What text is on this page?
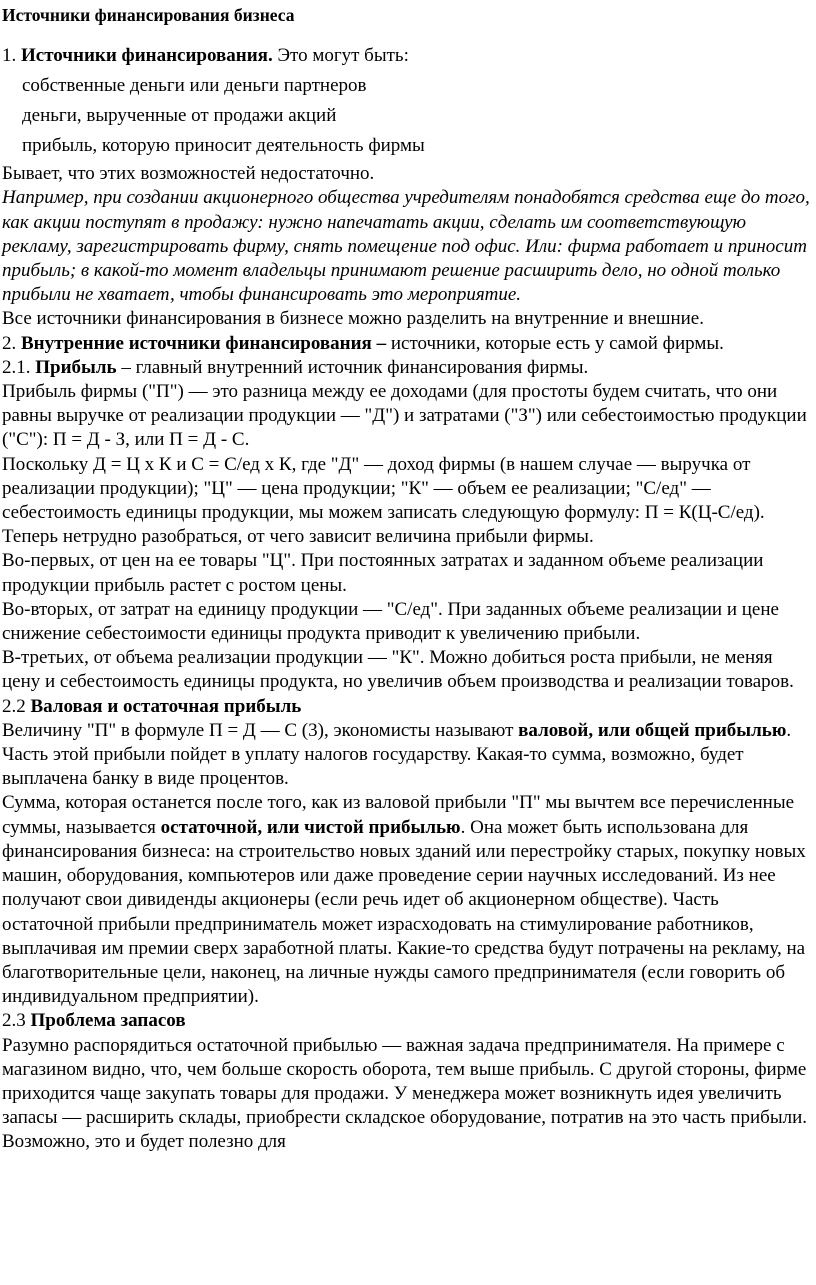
Источники финансирования бизнеса

1. Источники финансирования. Это могут быть:

собственные деньги или деньги партнеров

деньги, вырученные от продажи акций

прибыль, которую приносит деятельность фирмы

Бывает, что этих возможностей недостаточно.

Например, при создании акционерного общества учредителям понадобятся средства еще до того, как акции поступят в продажу: нужно напечатать акции, сделать им соответствующую рекламу, зарегистрировать фирму, снять помещение под офис. Или: фирма работает и приносит прибыль; в какой-то момент владельцы принимают решение расширить дело, но одной только прибыли не хватает, чтобы финансировать это мероприятие.

Все источники финансирования в бизнесе можно разделить на внутренние и внешние.

2. Внутренние источники финансирования – источники, которые есть у самой фирмы.

2.1. Прибыль – главный внутренний источник финансирования фирмы.

Прибыль фирмы ("П") — это разница между ее доходами (для простоты будем считать, что они равны выручке от реализации продукции — "Д") и затратами ("З") или себестоимостью продукции ("С"): П = Д - З, или П = Д - С.

Поскольку Д = Ц х К и С = С/ед х К, где "Д" — доход фирмы (в нашем случае — выручка от реализации продукции); "Ц" — цена продукции; "К" — объем ее реализации; "С/ед" — себестоимость единицы продукции, мы можем записать следующую формулу: П = К(Ц-С/ед).

Теперь нетрудно разобраться, от чего зависит величина прибыли фирмы.

Во-первых, от цен на ее товары "Ц". При постоянных затратах и заданном объеме реализации продукции прибыль растет с ростом цены.

Во-вторых, от затрат на единицу продукции — "С/ед". При заданных объеме реализации и цене снижение себестоимости единицы продукта приводит к увеличению прибыли.

В-третьих, от объема реализации продукции — "К". Можно добиться роста прибыли, не меняя цену и себестоимость единицы продукта, но увеличив объем производства и реализации товаров.

2.2 Валовая и остаточная прибыль

Величину "П" в формуле П = Д — С (3), экономисты называют валовой, или общей прибылью. Часть этой прибыли пойдет в уплату налогов государству. Какая-то сумма, возможно, будет выплачена банку в виде процентов.

Сумма, которая останется после того, как из валовой прибыли "П" мы вычтем все перечисленные суммы, называется остаточной, или чистой прибылью. Она может быть использована для финансирования бизнеса: на строительство новых зданий или перестройку старых, покупку новых машин, оборудования, компьютеров или даже проведение серии научных исследований. Из нее получают свои дивиденды акционеры (если речь идет об акционерном обществе). Часть остаточной прибыли предприниматель может израсходовать на стимулирование работников, выплачивая им премии сверх заработной платы. Какие-то средства будут потрачены на рекламу, на благотворительные цели, наконец, на личные нужды самого предпринимателя (если говорить об индивидуальном предприятии).

2.3 Проблема запасов

Разумно распорядиться остаточной прибылью — важная задача предпринимателя. На примере с магазином видно, что, чем больше скорость оборота, тем выше прибыль. С другой стороны, фирме приходится чаще закупать товары для продажи. У менеджера может возникнуть идея увеличить запасы — расширить склады, приобрести складское оборудование, потратив на это часть прибыли. Возможно, это и будет полезно для
